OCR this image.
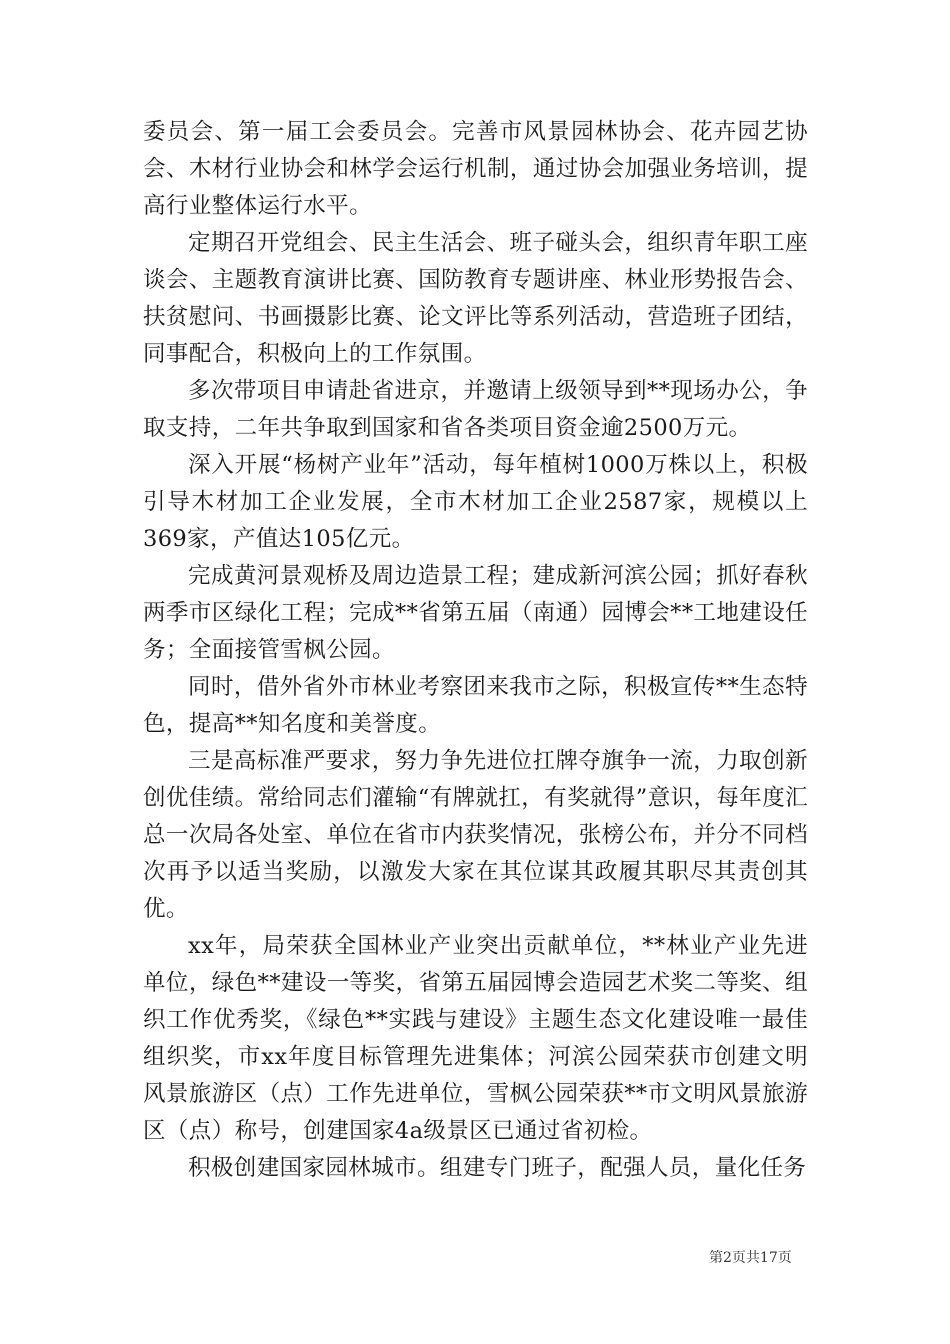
委员会、第一届工会委员会。完善市风景园林协会、花卉园艺协会、木材行业协会和林学会运行机制，通过协会加强业务培训，提高行业整体运行水平。

定期召开党组会、民主生活会、班子碰头会，组织青年职工座谈会、主题教育演讲比赛、国防教育专题讲座、林业形势报告会、扶贫慰问、书画摄影比赛、论文评比等系列活动，营造班子团结，同事配合，积极向上的工作氛围。

多次带项目申请赴省进京，并邀请上级领导到**现场办公，争取支持，二年共争取到国家和省各类项目资金逾2500万元。

深入开展“杨树产业年”活动，每年植树1000万株以上，积极引导木材加工企业发展，全市木材加工企业2587家，规模以上369家，产值达105亿元。

完成黄河景观桥及周边造景工程；建成新河滨公园；抓好春秋两季市区绿化工程；完成**省第五届（南通）园博会**工地建设任务；全面接管雪枫公园。

同时，借外省外市林业考察团来我市之际，积极宣传**生态特色，提高**知名度和美誉度。

三是高标准严要求，努力争先进位扛牌夺旗争一流，力取创新创优佳绩。常给同志们灌输“有牌就扛，有奖就得”意识，每年度汇总一次局各处室、单位在省市内获奖情况，张榜公布，并分不同档次再予以适当奖励，以激发大家在其位谋其政履其职尽其责创其优。

xx年，局荣获全国林业产业突出贡献单位，**林业产业先进单位，绿色**建设一等奖，省第五届园博会造园艺术奖二等奖、组织工作优秀奖，《绿色**实践与建设》主题生态文化建设唯一最佳组织奖，市xx年度目标管理先进集体；河滨公园荣获市创建文明风景旅游区（点）工作先进单位，雪枫公园荣获**市文明风景旅游区（点）称号，创建国家4a级景区已通过省初检。

积极创建国家园林城市。组建专门班子，配强人员，量化任务

第2页共17页
